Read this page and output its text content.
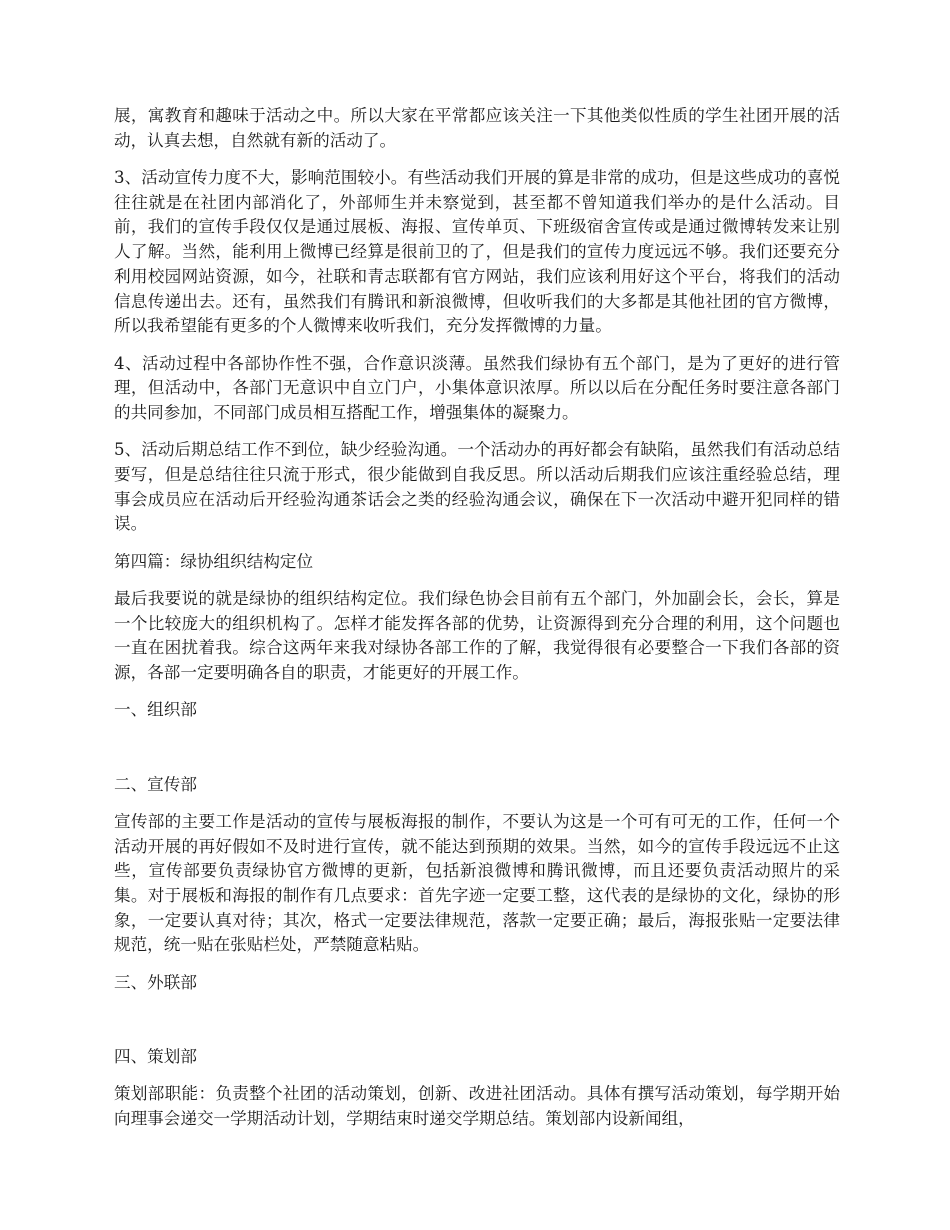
展，寓教育和趣味于活动之中。所以大家在平常都应该关注一下其他类似性质的学生社团开展的活动，认真去想，自然就有新的活动了。

3、活动宣传力度不大，影响范围较小。有些活动我们开展的算是非常的成功，但是这些成功的喜悦往往就是在社团内部消化了，外部师生并未察觉到，甚至都不曾知道我们举办的是什么活动。目前，我们的宣传手段仅仅是通过展板、海报、宣传单页、下班级宿舍宣传或是通过微博转发来让别人了解。当然，能利用上微博已经算是很前卫的了，但是我们的宣传力度远远不够。我们还要充分利用校园网站资源，如今，社联和青志联都有官方网站，我们应该利用好这个平台，将我们的活动信息传递出去。还有，虽然我们有腾讯和新浪微博，但收听我们的大多都是其他社团的官方微博，所以我希望能有更多的个人微博来收听我们，充分发挥微博的力量。

4、活动过程中各部协作性不强，合作意识淡薄。虽然我们绿协有五个部门，是为了更好的进行管理，但活动中，各部门无意识中自立门户，小集体意识浓厚。所以以后在分配任务时要注意各部门的共同参加，不同部门成员相互搭配工作，增强集体的凝聚力。

5、活动后期总结工作不到位，缺少经验沟通。一个活动办的再好都会有缺陷，虽然我们有活动总结要写，但是总结往往只流于形式，很少能做到自我反思。所以活动后期我们应该注重经验总结，理事会成员应在活动后开经验沟通茶话会之类的经验沟通会议，确保在下一次活动中避开犯同样的错误。

第四篇：绿协组织结构定位

最后我要说的就是绿协的组织结构定位。我们绿色协会目前有五个部门，外加副会长，会长，算是一个比较庞大的组织机构了。怎样才能发挥各部的优势，让资源得到充分合理的利用，这个问题也一直在困扰着我。综合这两年来我对绿协各部工作的了解，我觉得很有必要整合一下我们各部的资源，各部一定要明确各自的职责，才能更好的开展工作。

一、组织部

二、宣传部

宣传部的主要工作是活动的宣传与展板海报的制作，不要认为这是一个可有可无的工作，任何一个活动开展的再好假如不及时进行宣传，就不能达到预期的效果。当然，如今的宣传手段远远不止这些，宣传部要负责绿协官方微博的更新，包括新浪微博和腾讯微博，而且还要负责活动照片的采集。对于展板和海报的制作有几点要求：首先字迹一定要工整，这代表的是绿协的文化，绿协的形象，一定要认真对待；其次，格式一定要法律规范，落款一定要正确；最后，海报张贴一定要法律规范，统一贴在张贴栏处，严禁随意粘贴。

三、外联部

四、策划部

策划部职能：负责整个社团的活动策划，创新、改进社团活动。具体有撰写活动策划，每学期开始向理事会递交一学期活动计划，学期结束时递交学期总结。策划部内设新闻组，
